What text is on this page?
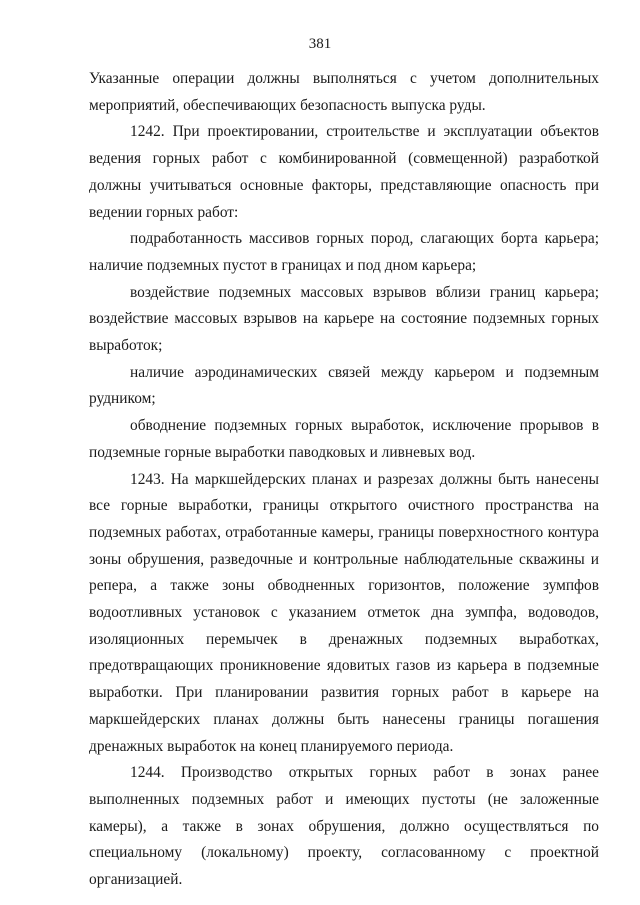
381

Указанные операции должны выполняться с учетом дополнительных мероприятий, обеспечивающих безопасность выпуска руды.

1242. При проектировании, строительстве и эксплуатации объектов ведения горных работ с комбинированной (совмещенной) разработкой должны учитываться основные факторы, представляющие опасность при ведении горных работ:

подработанность массивов горных пород, слагающих борта карьера; наличие подземных пустот в границах и под дном карьера;

воздействие подземных массовых взрывов вблизи границ карьера; воздействие массовых взрывов на карьере на состояние подземных горных выработок;

наличие аэродинамических связей между карьером и подземным рудником;

обводнение подземных горных выработок, исключение прорывов в подземные горные выработки паводковых и ливневых вод.

1243. На маркшейдерских планах и разрезах должны быть нанесены все горные выработки, границы открытого очистного пространства на подземных работах, отработанные камеры, границы поверхностного контура зоны обрушения, разведочные и контрольные наблюдательные скважины и репера, а также зоны обводненных горизонтов, положение зумпфов водоотливных установок с указанием отметок дна зумпфа, водоводов, изоляционных перемычек в дренажных подземных выработках, предотвращающих проникновение ядовитых газов из карьера в подземные выработки. При планировании развития горных работ в карьере на маркшейдерских планах должны быть нанесены границы погашения дренажных выработок на конец планируемого периода.

1244. Производство открытых горных работ в зонах ранее выполненных подземных работ и имеющих пустоты (не заложенные камеры), а также в зонах обрушения, должно осуществляться по специальному (локальному) проекту, согласованному с проектной организацией.
